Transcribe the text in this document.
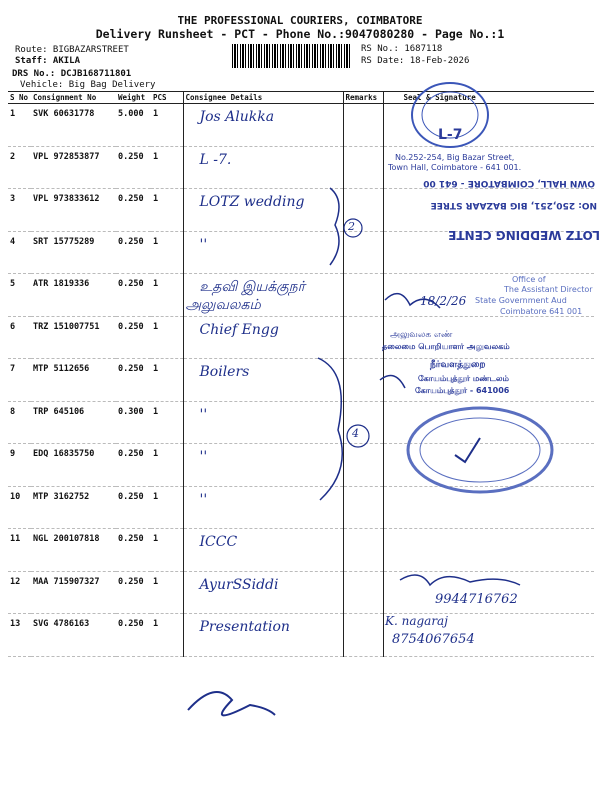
THE PROFESSIONAL COURIERS, COIMBATORE
Delivery Runsheet - PCT - Phone No.:9047080280 - Page No.:1
Route: BIGBAZARSTREET
Staff: AKILA
DRS No.: DCJB168711801
Vehicle: Big Bag Delivery
RS No.: 1687118
RS Date: 18-Feb-2026
S No	Consignment No	Weight	PCS	Consignee Details	Remarks	Seal & Signature
1	SVK 60631778	5.000	1	Jos Alukka		
2	VPL 972853877	0.250	1	L -7.		
3	VPL 973833612	0.250	1	LOTZ wedding		
4	SRT 15775289	0.250	1	''		
5	ATR 1819336	0.250	1	உதவி இயக்குநர் அலுவலகம்		
6	TRZ 151007751	0.250	1	Chief Engg		
7	MTP 5112656	0.250	1	Boilers		
8	TRP 645106	0.300	1	''		
9	EDQ 16835750	0.250	1	''		
10	MTP 3162752	0.250	1	''		
11	NGL 200107818	0.250	1	ICCC		
12	MAA 715907327	0.250	1	AyurSSiddi		
13	SVG 4786163	0.250	1	Presentation		
L-7
No.252-254, Big Bazar Street,
Town Hall, Coimbatore - 641 001.
OWN HALL, COIMBATORE - 641 00
NO: 250,251, BIG BAZAAR STREE
LOTZ WEDDING CENTE
Office of
The Assistant Director
State Government Aud
Coimbatore 641 001
18/2/26
அலுவலக எண்
தலைமை பொறியாளர் அலுவலகம்
நீர்வளத்துறை
கோயம்புத்தூர் மண்டலம்
கோயம்புத்தூர் - 641006
2
4
9944716762
K. nagaraj
8754067654
